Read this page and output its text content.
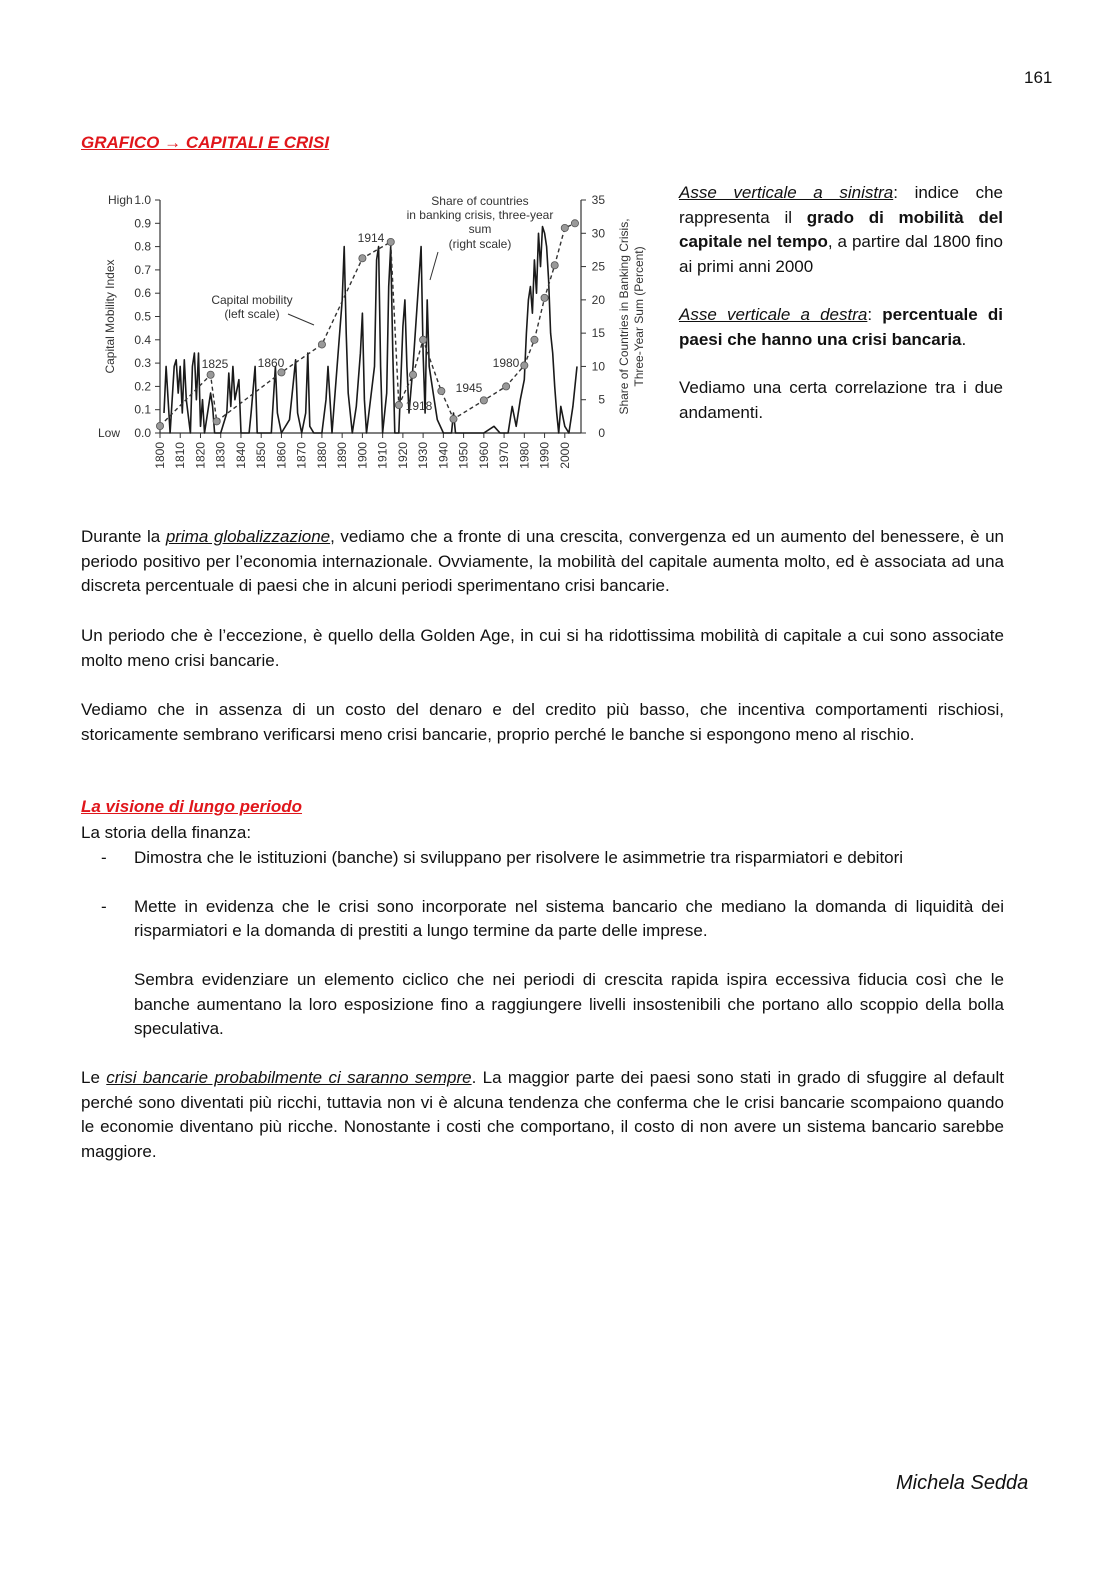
161
GRAFICO → CAPITALI E CRISI
0.0
0.1
0.2
0.3
0.4
0.5
0.6
0.7
0.8
0.9
1.0
High
Low	0
5
10
15
20
25
30
35
1800 1810 1820 1830 1840 1850 1860 1870 1880 1890 1900 1910 1920 1930 1940 1950 1960 1970 1980 1990 2000
Capital Mobility Index	Share of Countries in Banking Crisis, Three-Year Sum (Percent)
Share of countries
in banking crisis, three-year
sum
(right scale)
Capital mobility
(left scale)
1825 1860
1914
1918
1945
1980

Asse verticale a sinistra: indice che rappresenta il grado di mobilità del capitale nel tempo, a partire dal 1800 fino ai primi anni 2000

Asse verticale a destra: percentuale di paesi che hanno una crisi bancaria.

Vediamo una certa correlazione tra i due andamenti.

Durante la prima globalizzazione, vediamo che a fronte di una crescita, convergenza ed un aumento del benessere, è un periodo positivo per l’economia internazionale. Ovviamente, la mobilità del capitale aumenta molto, ed è associata ad una discreta percentuale di paesi che in alcuni periodi sperimentano crisi bancarie.

Un periodo che è l’eccezione, è quello della Golden Age, in cui si ha ridottissima mobilità di capitale a cui sono associate molto meno crisi bancarie.

Vediamo che in assenza di un costo del denaro e del credito più basso, che incentiva comportamenti rischiosi, storicamente sembrano verificarsi meno crisi bancarie, proprio perché le banche si espongono meno al rischio.

La visione di lungo periodo
La storia della finanza:
- Dimostra che le istituzioni (banche) si sviluppano per risolvere le asimmetrie tra risparmiatori e debitori
- Mette in evidenza che le crisi sono incorporate nel sistema bancario che mediano la domanda di liquidità dei risparmiatori e la domanda di prestiti a lungo termine da parte delle imprese.
Sembra evidenziare un elemento ciclico che nei periodi di crescita rapida ispira eccessiva fiducia così che le banche aumentano la loro esposizione fino a raggiungere livelli insostenibili che portano allo scoppio della bolla speculativa.

Le crisi bancarie probabilmente ci saranno sempre. La maggior parte dei paesi sono stati in grado di sfuggire al default perché sono diventati più ricchi, tuttavia non vi è alcuna tendenza che conferma che le crisi bancarie scompaiono quando le economie diventano più ricche. Nonostante i costi che comportano, il costo di non avere un sistema bancario sarebbe maggiore.

Michela Sedda
